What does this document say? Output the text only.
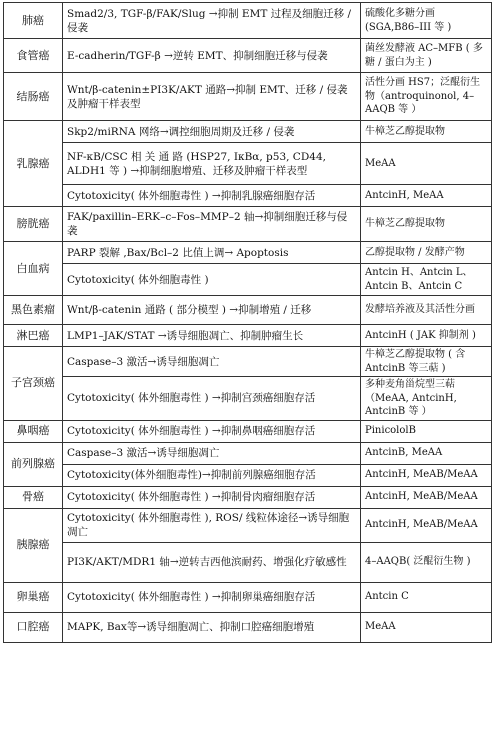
肺癌	Smad2/3, TGF-β/FAK/Slug →抑制 EMT 过程及细胞迁移 / 侵袭	硫酸化多糖分画 (SGA,B86–III 等 )
食管癌	E-cadherin/TGF-β →逆转 EMT、抑制细胞迁移与侵袭	菌丝发酵液 AC–MFB ( 多糖 / 蛋白为主 )
结肠癌	Wnt/β-catenin±PI3K/AKT 通路→抑制 EMT、迁移 / 侵袭及肿瘤干样表型	活性分画 HS7；泛醌衍生物（antroquinonol, 4–AAQB 等 ）
乳腺癌	Skp2/miRNA 网络→调控细胞周期及迁移 / 侵袭	牛樟芝乙醇提取物
	NF-κB/CSC 相 关 通 路 (HSP27, IκBα, p53, CD44, ALDH1 等 ) →抑制细胞增殖、迁移及肿瘤干样表型	MeAA
	Cytotoxicity( 体外细胞毒性 ) →抑制乳腺癌细胞存活	AntcinH, MeAA
膀胱癌	FAK/paxillin–ERK–c–Fos–MMP–2 轴→抑制细胞迁移与侵袭	牛樟芝乙醇提取物
白血病	PARP 裂解 ,Bax/Bcl–2 比值上调→ Apoptosis	乙醇提取物 / 发酵产物
	Cytotoxicity( 体外细胞毒性 )	Antcin H、Antcin L、Antcin B、Antcin C
黑色素瘤	Wnt/β-catenin 通路 ( 部分模型 ) →抑制增殖 / 迁移	发酵培养液及其活性分画
淋巴癌	LMP1–JAK/STAT →诱导细胞凋亡、抑制肿瘤生长	AntcinH ( JAK 抑制剂 )
子宫颈癌	Caspase–3 激活→诱导细胞凋亡	牛樟芝乙醇提取物 ( 含 AntcinB 等三萜 )
	Cytotoxicity( 体外细胞毒性 ) →抑制宫颈癌细胞存活	多种麦角甾烷型三萜（MeAA, AntcinH, AntcinB 等 ）
鼻咽癌	Cytotoxicity( 体外细胞毒性 ) →抑制鼻咽癌细胞存活	PinicololB
前列腺癌	Caspase–3 激活→诱导细胞凋亡	AntcinB, MeAA
	Cytotoxicity(体外细胞毒性)→抑制前列腺癌细胞存活	AntcinH, MeAB/MeAA
骨癌	Cytotoxicity( 体外细胞毒性 ) →抑制骨肉瘤细胞存活	AntcinH, MeAB/MeAA
胰腺癌	Cytotoxicity( 体外细胞毒性 ), ROS/ 线粒体途径→诱导细胞凋亡	AntcinH, MeAB/MeAA
	PI3K/AKT/MDR1 轴→逆转吉西他滨耐药、增强化疗敏感性	4–AAQB( 泛醌衍生物 )
卵巢癌	Cytotoxicity( 体外细胞毒性 ) →抑制卵巢癌细胞存活	Antcin C
口腔癌	MAPK, Bax等→诱导细胞凋亡、抑制口腔癌细胞增殖	MeAA
